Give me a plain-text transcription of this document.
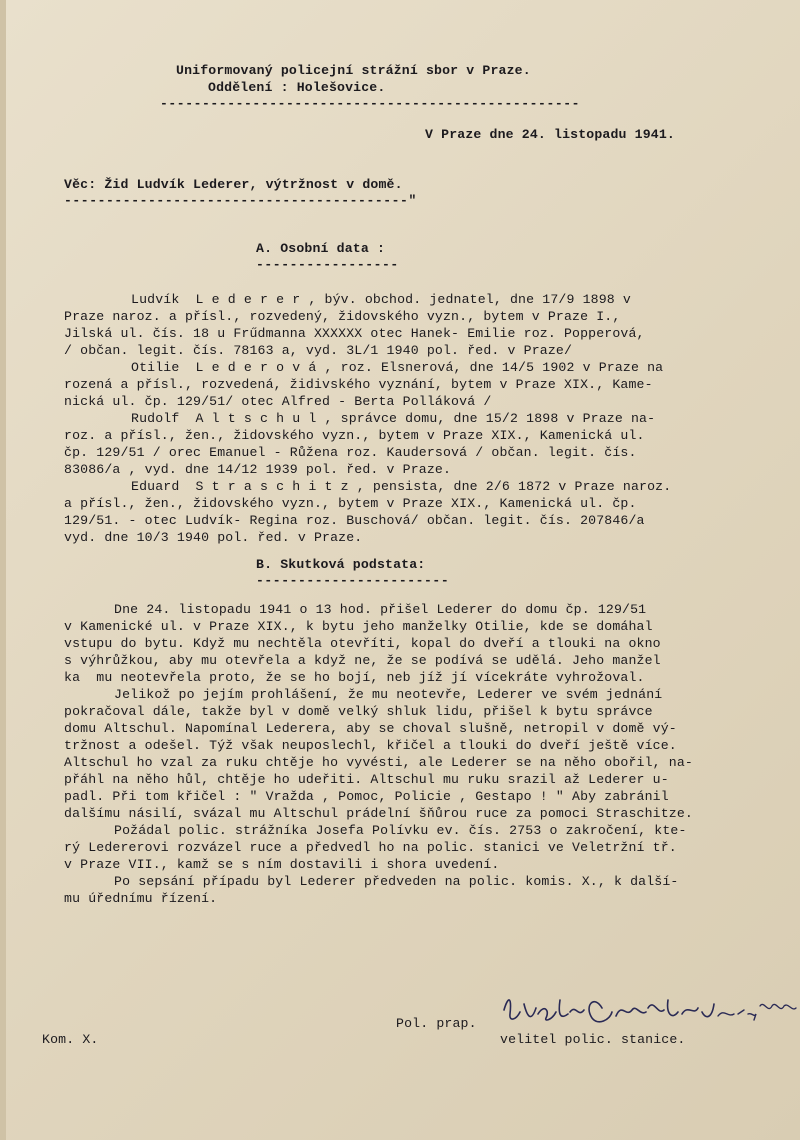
Uniformovaný policejní strážní sbor v Praze.
Oddělení : Holešovice.
--------------------------------------------------
V Praze dne 24. listopadu 1941.
Věc: Žid Ludvík Lederer, výtržnost v domě.
-----------------------------------------"
A. Osobní data :
-----------------
Ludvík  L e d e r e r , býv. obchod. jednatel, dne 17/9 1898 v
Praze naroz. a přísl., rozvedený, židovského vyzn., bytem v Praze I.,
Jilská ul. čís. 18 u Frűdmanna XXXXXX otec Hanek- Emilie roz. Popperová,
/ občan. legit. čís. 78163 a, vyd. 3L/1 1940 pol. řed. v Praze/
Otilie  L e d e r o v á , roz. Elsnerová, dne 14/5 1902 v Praze na
rozená a přísl., rozvedená, židivského vyznání, bytem v Praze XIX., Kame-
nická ul. čp. 129/51/ otec Alfred - Berta Polláková /
Rudolf  A l t s c h u l , správce domu, dne 15/2 1898 v Praze na-
roz. a přísl., žen., židovského vyzn., bytem v Praze XIX., Kamenická ul.
čp. 129/51 / orec Emanuel - Růžena roz. Kaudersová / občan. legit. čís.
83086/a , vyd. dne 14/12 1939 pol. řed. v Praze.
Eduard  S t r a s c h i t z , pensista, dne 2/6 1872 v Praze naroz.
a přísl., žen., židovského vyzn., bytem v Praze XIX., Kamenická ul. čp.
129/51. - otec Ludvík- Regina roz. Buschová/ občan. legit. čís. 207846/a
vyd. dne 10/3 1940 pol. řed. v Praze.
B. Skutková podstata:
-----------------------
Dne 24. listopadu 1941 o 13 hod. přišel Lederer do domu čp. 129/51
v Kamenické ul. v Praze XIX., k bytu jeho manželky Otilie, kde se domáhal
vstupu do bytu. Když mu nechtěla otevříti, kopal do dveří a tlouki na okno
s výhrůžkou, aby mu otevřela a když ne, že se podívá se udělá. Jeho manžel
ka  mu neotevřela proto, že se ho bojí, neb jíž jí vícekráte vyhrožoval.
Jelikož po jejím prohlášení, že mu neotevře, Lederer ve svém jednání
pokračoval dále, takže byl v domě velký shluk lidu, přišel k bytu správce
domu Altschul. Napomínal Lederera, aby se choval slušně, netropil v domě vý-
tržnost a odešel. Týž však neuposlechl, křičel a tlouki do dveří ještě více.
Altschul ho vzal za ruku chtěje ho vyvésti, ale Lederer se na něho obořil, na-
přáhl na něho hůl, chtěje ho udeřiti. Altschul mu ruku srazil až Lederer u-
padl. Při tom křičel : " Vražda , Pomoc, Policie , Gestapo ! " Aby zabránil
dalšímu násilí, svázal mu Altschul prádelní šňůrou ruce za pomoci Straschitze.
Požádal polic. strážníka Josefa Polívku ev. čís. 2753 o zakročení, kte-
rý Ledererovi rozvázel ruce a předvedl ho na polic. stanici ve Veletržní tř.
v Praze VII., kamž se s ním dostavili i shora uvedení.
Po sepsání případu byl Lederer předveden na polic. komis. X., k další-
mu úřednímu řízení.
Kom. X.
Pol. prap.
velitel polic. stanice.
